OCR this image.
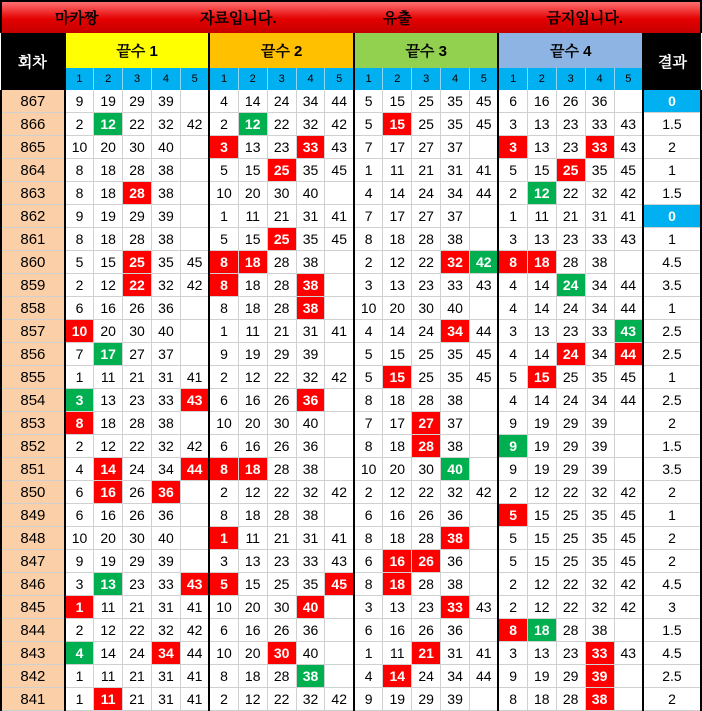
마카짱				자료입니다.						유출					금지입니다.						
회차	끝수 1					끝수 2					끝수 3					끝수 4					결과
	1	2	3	4	5	1	2	3	4	5	1	2	3	4	5	1	2	3	4	5	
867	9	19	29	39		4	14	24	34	44	5	15	25	35	45	6	16	26	36		0
866	2	12	22	32	42	2	12	22	32	42	5	15	25	35	45	3	13	23	33	43	1.5
865	10	20	30	40		3	13	23	33	43	7	17	27	37		3	13	23	33	43	2
864	8	18	28	38		5	15	25	35	45	1	11	21	31	41	5	15	25	35	45	1
863	8	18	28	38		10	20	30	40		4	14	24	34	44	2	12	22	32	42	1.5
862	9	19	29	39		1	11	21	31	41	7	17	27	37		1	11	21	31	41	0
861	8	18	28	38		5	15	25	35	45	8	18	28	38		3	13	23	33	43	1
860	5	15	25	35	45	8	18	28	38		2	12	22	32	42	8	18	28	38		4.5
859	2	12	22	32	42	8	18	28	38		3	13	23	33	43	4	14	24	34	44	3.5
858	6	16	26	36		8	18	28	38		10	20	30	40		4	14	24	34	44	1
857	10	20	30	40		1	11	21	31	41	4	14	24	34	44	3	13	23	33	43	2.5
856	7	17	27	37		9	19	29	39		5	15	25	35	45	4	14	24	34	44	2.5
855	1	11	21	31	41	2	12	22	32	42	5	15	25	35	45	5	15	25	35	45	1
854	3	13	23	33	43	6	16	26	36		8	18	28	38		4	14	24	34	44	2.5
853	8	18	28	38		10	20	30	40		7	17	27	37		9	19	29	39		2
852	2	12	22	32	42	6	16	26	36		8	18	28	38		9	19	29	39		1.5
851	4	14	24	34	44	8	18	28	38		10	20	30	40		9	19	29	39		3.5
850	6	16	26	36		2	12	22	32	42	2	12	22	32	42	2	12	22	32	42	2
849	6	16	26	36		8	18	28	38		6	16	26	36		5	15	25	35	45	1
848	10	20	30	40		1	11	21	31	41	8	18	28	38		5	15	25	35	45	2
847	9	19	29	39		3	13	23	33	43	6	16	26	36		5	15	25	35	45	2
846	3	13	23	33	43	5	15	25	35	45	8	18	28	38		2	12	22	32	42	4.5
845	1	11	21	31	41	10	20	30	40		3	13	23	33	43	2	12	22	32	42	3
844	2	12	22	32	42	6	16	26	36		6	16	26	36		8	18	28	38		1.5
843	4	14	24	34	44	10	20	30	40		1	11	21	31	41	3	13	23	33	43	4.5
842	1	11	21	31	41	8	18	28	38		4	14	24	34	44	9	19	29	39		2.5
841	1	11	21	31	41	2	12	22	32	42	9	19	29	39		8	18	28	38		2
